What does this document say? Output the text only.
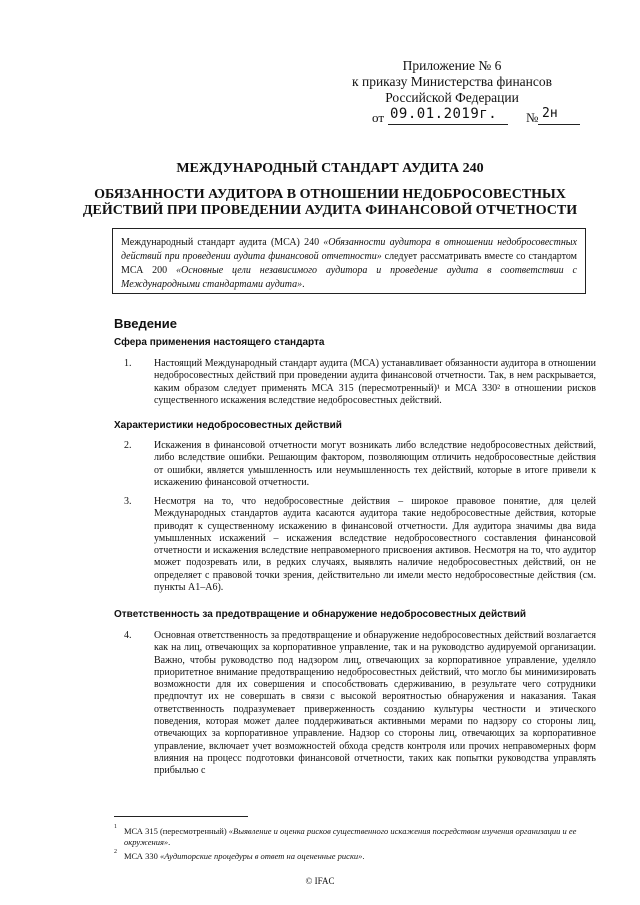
Приложение № 6
к приказу Министерства финансов
Российской Федерации
от 09.01.2019г. № 2н
МЕЖДУНАРОДНЫЙ СТАНДАРТ АУДИТА 240
ОБЯЗАННОСТИ АУДИТОРА В ОТНОШЕНИИ НЕДОБРОСОВЕСТНЫХ ДЕЙСТВИЙ ПРИ ПРОВЕДЕНИИ АУДИТА ФИНАНСОВОЙ ОТЧЕТНОСТИ
Международный стандарт аудита (МСА) 240 «Обязанности аудитора в отношении недобросовестных действий при проведении аудита финансовой отчетности» следует рассматривать вместе со стандартом МСА 200 «Основные цели независимого аудитора и проведение аудита в соответствии с Международными стандартами аудита».
Введение
Сфера применения настоящего стандарта
1.	Настоящий Международный стандарт аудита (МСА) устанавливает обязанности аудитора в отношении недобросовестных действий при проведении аудита финансовой отчетности. Так, в нем раскрывается, каким образом следует применять МСА 315 (пересмотренный)¹ и МСА 330² в отношении рисков существенного искажения вследствие недобросовестных действий.
Характеристики недобросовестных действий
2.	Искажения в финансовой отчетности могут возникать либо вследствие недобросовестных действий, либо вследствие ошибки. Решающим фактором, позволяющим отличить недобросовестные действия от ошибки, является умышленность или неумышленность тех действий, которые в итоге привели к искажению финансовой отчетности.
3.	Несмотря на то, что недобросовестные действия – широкое правовое понятие, для целей Международных стандартов аудита касаются аудитора такие недобросовестные действия, которые приводят к существенному искажению в финансовой отчетности. Для аудитора значимы два вида умышленных искажений – искажения вследствие недобросовестного составления финансовой отчетности и искажения вследствие неправомерного присвоения активов. Несмотря на то, что аудитор может подозревать или, в редких случаях, выявлять наличие недобросовестных действий, он не определяет с правовой точки зрения, действительно ли имели место недобросовестные действия (см. пункты A1–A6).
Ответственность за предотвращение и обнаружение недобросовестных действий
4.	Основная ответственность за предотвращение и обнаружение недобросовестных действий возлагается как на лиц, отвечающих за корпоративное управление, так и на руководство аудируемой организации. Важно, чтобы руководство под надзором лиц, отвечающих за корпоративное управление, уделяло приоритетное внимание предотвращению недобросовестных действий, что могло бы минимизировать возможности для их совершения и способствовать сдерживанию, в результате чего сотрудники предпочтут их не совершать в связи с высокой вероятностью обнаружения и наказания. Такая ответственность подразумевает приверженность созданию культуры честности и этического поведения, которая может далее поддерживаться активными мерами по надзору со стороны лиц, отвечающих за корпоративное управление. Надзор со стороны лиц, отвечающих за корпоративное управление, включает учет возможностей обхода средств контроля или прочих неправомерных форм влияния на процесс подготовки финансовой отчетности, таких как попытки руководства управлять прибылью с
1 МСА 315 (пересмотренный) «Выявление и оценка рисков существенного искажения посредством изучения организации и ее окружения».
2 МСА 330 «Аудиторские процедуры в ответ на оцененные риски».
© IFAC
